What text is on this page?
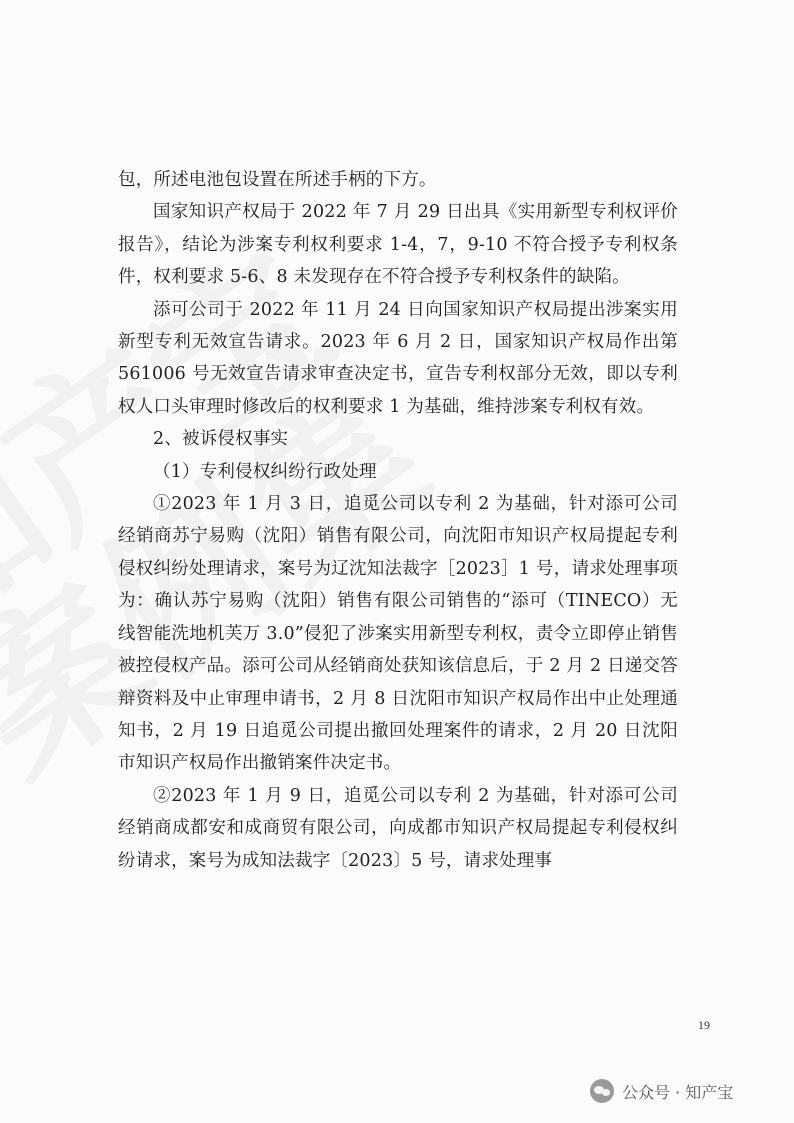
包，所述电池包设置在所述手柄的下方。

国家知识产权局于 2022 年 7 月 29 日出具《实用新型专利权评价报告》，结论为涉案专利权利要求 1-4，7，9-10 不符合授予专利权条件，权利要求 5-6、8 未发现存在不符合授予专利权条件的缺陷。

添可公司于 2022 年 11 月 24 日向国家知识产权局提出涉案实用新型专利无效宣告请求。2023 年 6 月 2 日，国家知识产权局作出第 561006 号无效宣告请求审查决定书，宣告专利权部分无效，即以专利权人口头审理时修改后的权利要求 1 为基础，维持涉案专利权有效。

2、被诉侵权事实

（1）专利侵权纠纷行政处理

①2023 年 1 月 3 日，追觅公司以专利 2 为基础，针对添可公司经销商苏宁易购（沈阳）销售有限公司，向沈阳市知识产权局提起专利侵权纠纷处理请求，案号为辽沈知法裁字［2023］1 号，请求处理事项为：确认苏宁易购（沈阳）销售有限公司销售的“添可（TINECO）无线智能洗地机芙万 3.0”侵犯了涉案实用新型专利权，责令立即停止销售被控侵权产品。添可公司从经销商处获知该信息后，于 2 月 2 日递交答辩资料及中止审理申请书，2 月 8 日沈阳市知识产权局作出中止处理通知书，2 月 19 日追觅公司提出撤回处理案件的请求，2 月 20 日沈阳市知识产权局作出撤销案件决定书。

②2023 年 1 月 9 日，追觅公司以专利 2 为基础，针对添可公司经销商成都安和成商贸有限公司，向成都市知识产权局提起专利侵权纠纷请求，案号为成知法裁字〔2023〕5 号，请求处理事

19
公众号 · 知产宝
